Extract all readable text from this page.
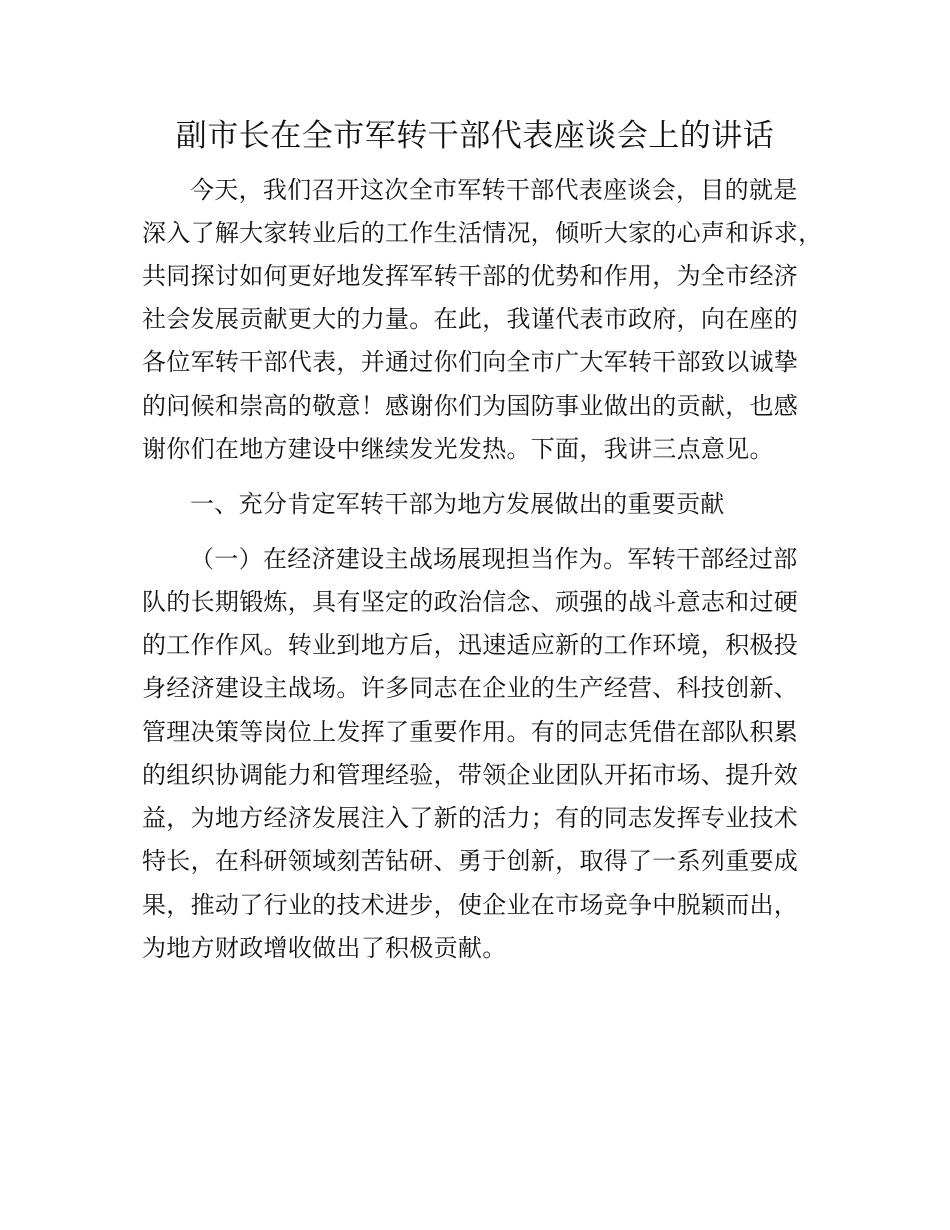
副市长在全市军转干部代表座谈会上的讲话
今天，我们召开这次全市军转干部代表座谈会，目的就是
深入了解大家转业后的工作生活情况，倾听大家的心声和诉求，
共同探讨如何更好地发挥军转干部的优势和作用，为全市经济
社会发展贡献更大的力量。在此，我谨代表市政府，向在座的
各位军转干部代表，并通过你们向全市广大军转干部致以诚挚
的问候和崇高的敬意！感谢你们为国防事业做出的贡献，也感
谢你们在地方建设中继续发光发热。下面，我讲三点意见。
一、充分肯定军转干部为地方发展做出的重要贡献
（一）在经济建设主战场展现担当作为。军转干部经过部
队的长期锻炼，具有坚定的政治信念、顽强的战斗意志和过硬
的工作作风。转业到地方后，迅速适应新的工作环境，积极投
身经济建设主战场。许多同志在企业的生产经营、科技创新、
管理决策等岗位上发挥了重要作用。有的同志凭借在部队积累
的组织协调能力和管理经验，带领企业团队开拓市场、提升效
益，为地方经济发展注入了新的活力；有的同志发挥专业技术
特长，在科研领域刻苦钻研、勇于创新，取得了一系列重要成
果，推动了行业的技术进步，使企业在市场竞争中脱颖而出，
为地方财政增收做出了积极贡献。
